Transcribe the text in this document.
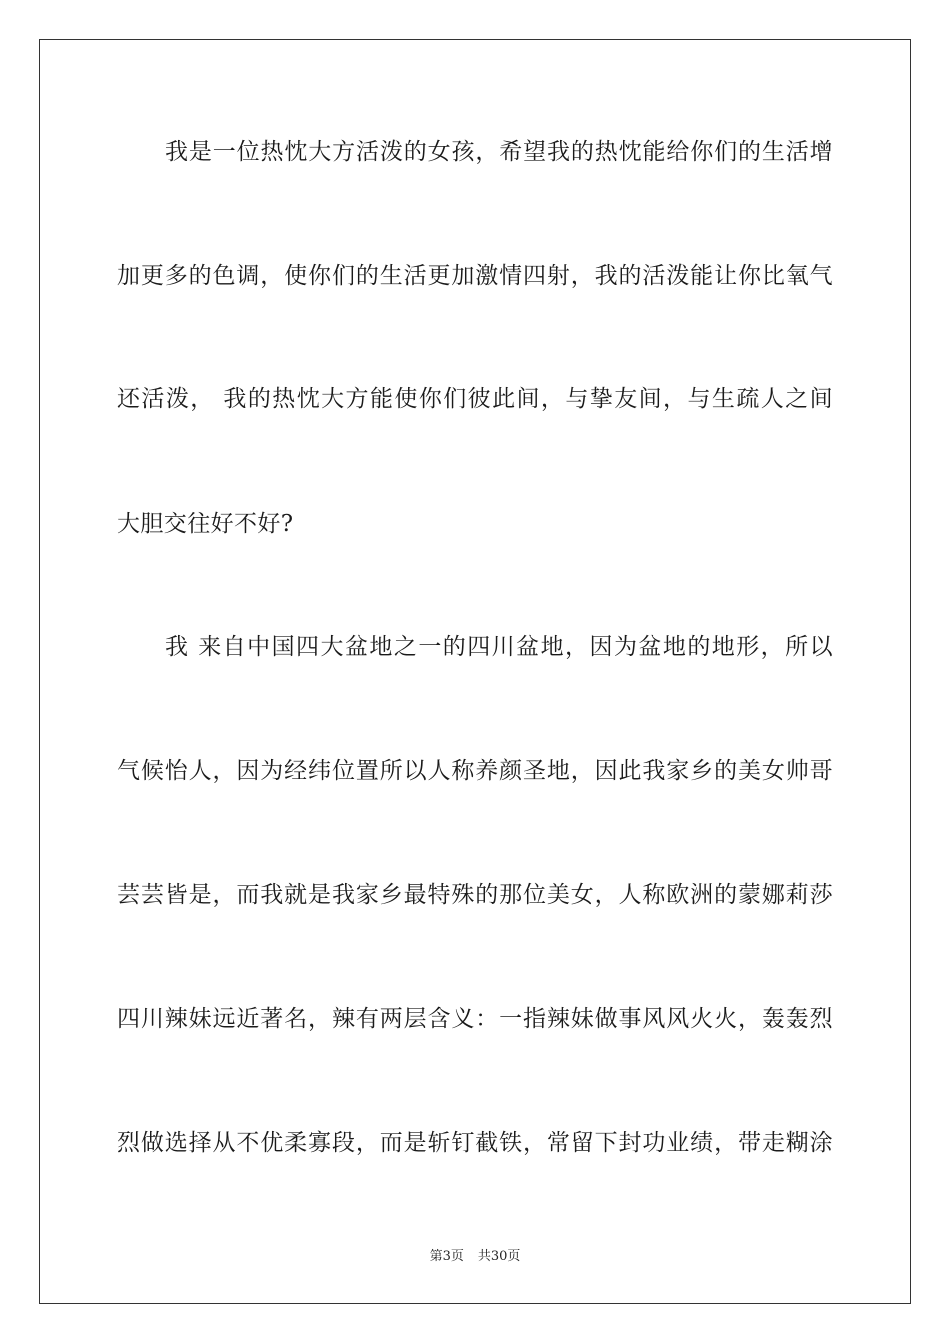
我是一位热忱大方活泼的女孩，希望我的热忱能给你们的生活增
加更多的色调，使你们的生活更加激情四射，我的活泼能让你比氧气
还活泼， 我的热忱大方能使你们彼此间，与挚友间，与生疏人之间
大胆交往好不好?
我 来自中国四大盆地之一的四川盆地，因为盆地的地形，所以
气候怡人，因为经纬位置所以人称养颜圣地，因此我家乡的美女帅哥
芸芸皆是，而我就是我家乡最特殊的那位美女，人称欧洲的蒙娜莉莎
四川辣妹远近著名，辣有两层含义：一指辣妹做事风风火火，轰轰烈
烈做选择从不优柔寡段，而是斩钉截铁，常留下封功业绩，带走糊涂
第3页 共30页
